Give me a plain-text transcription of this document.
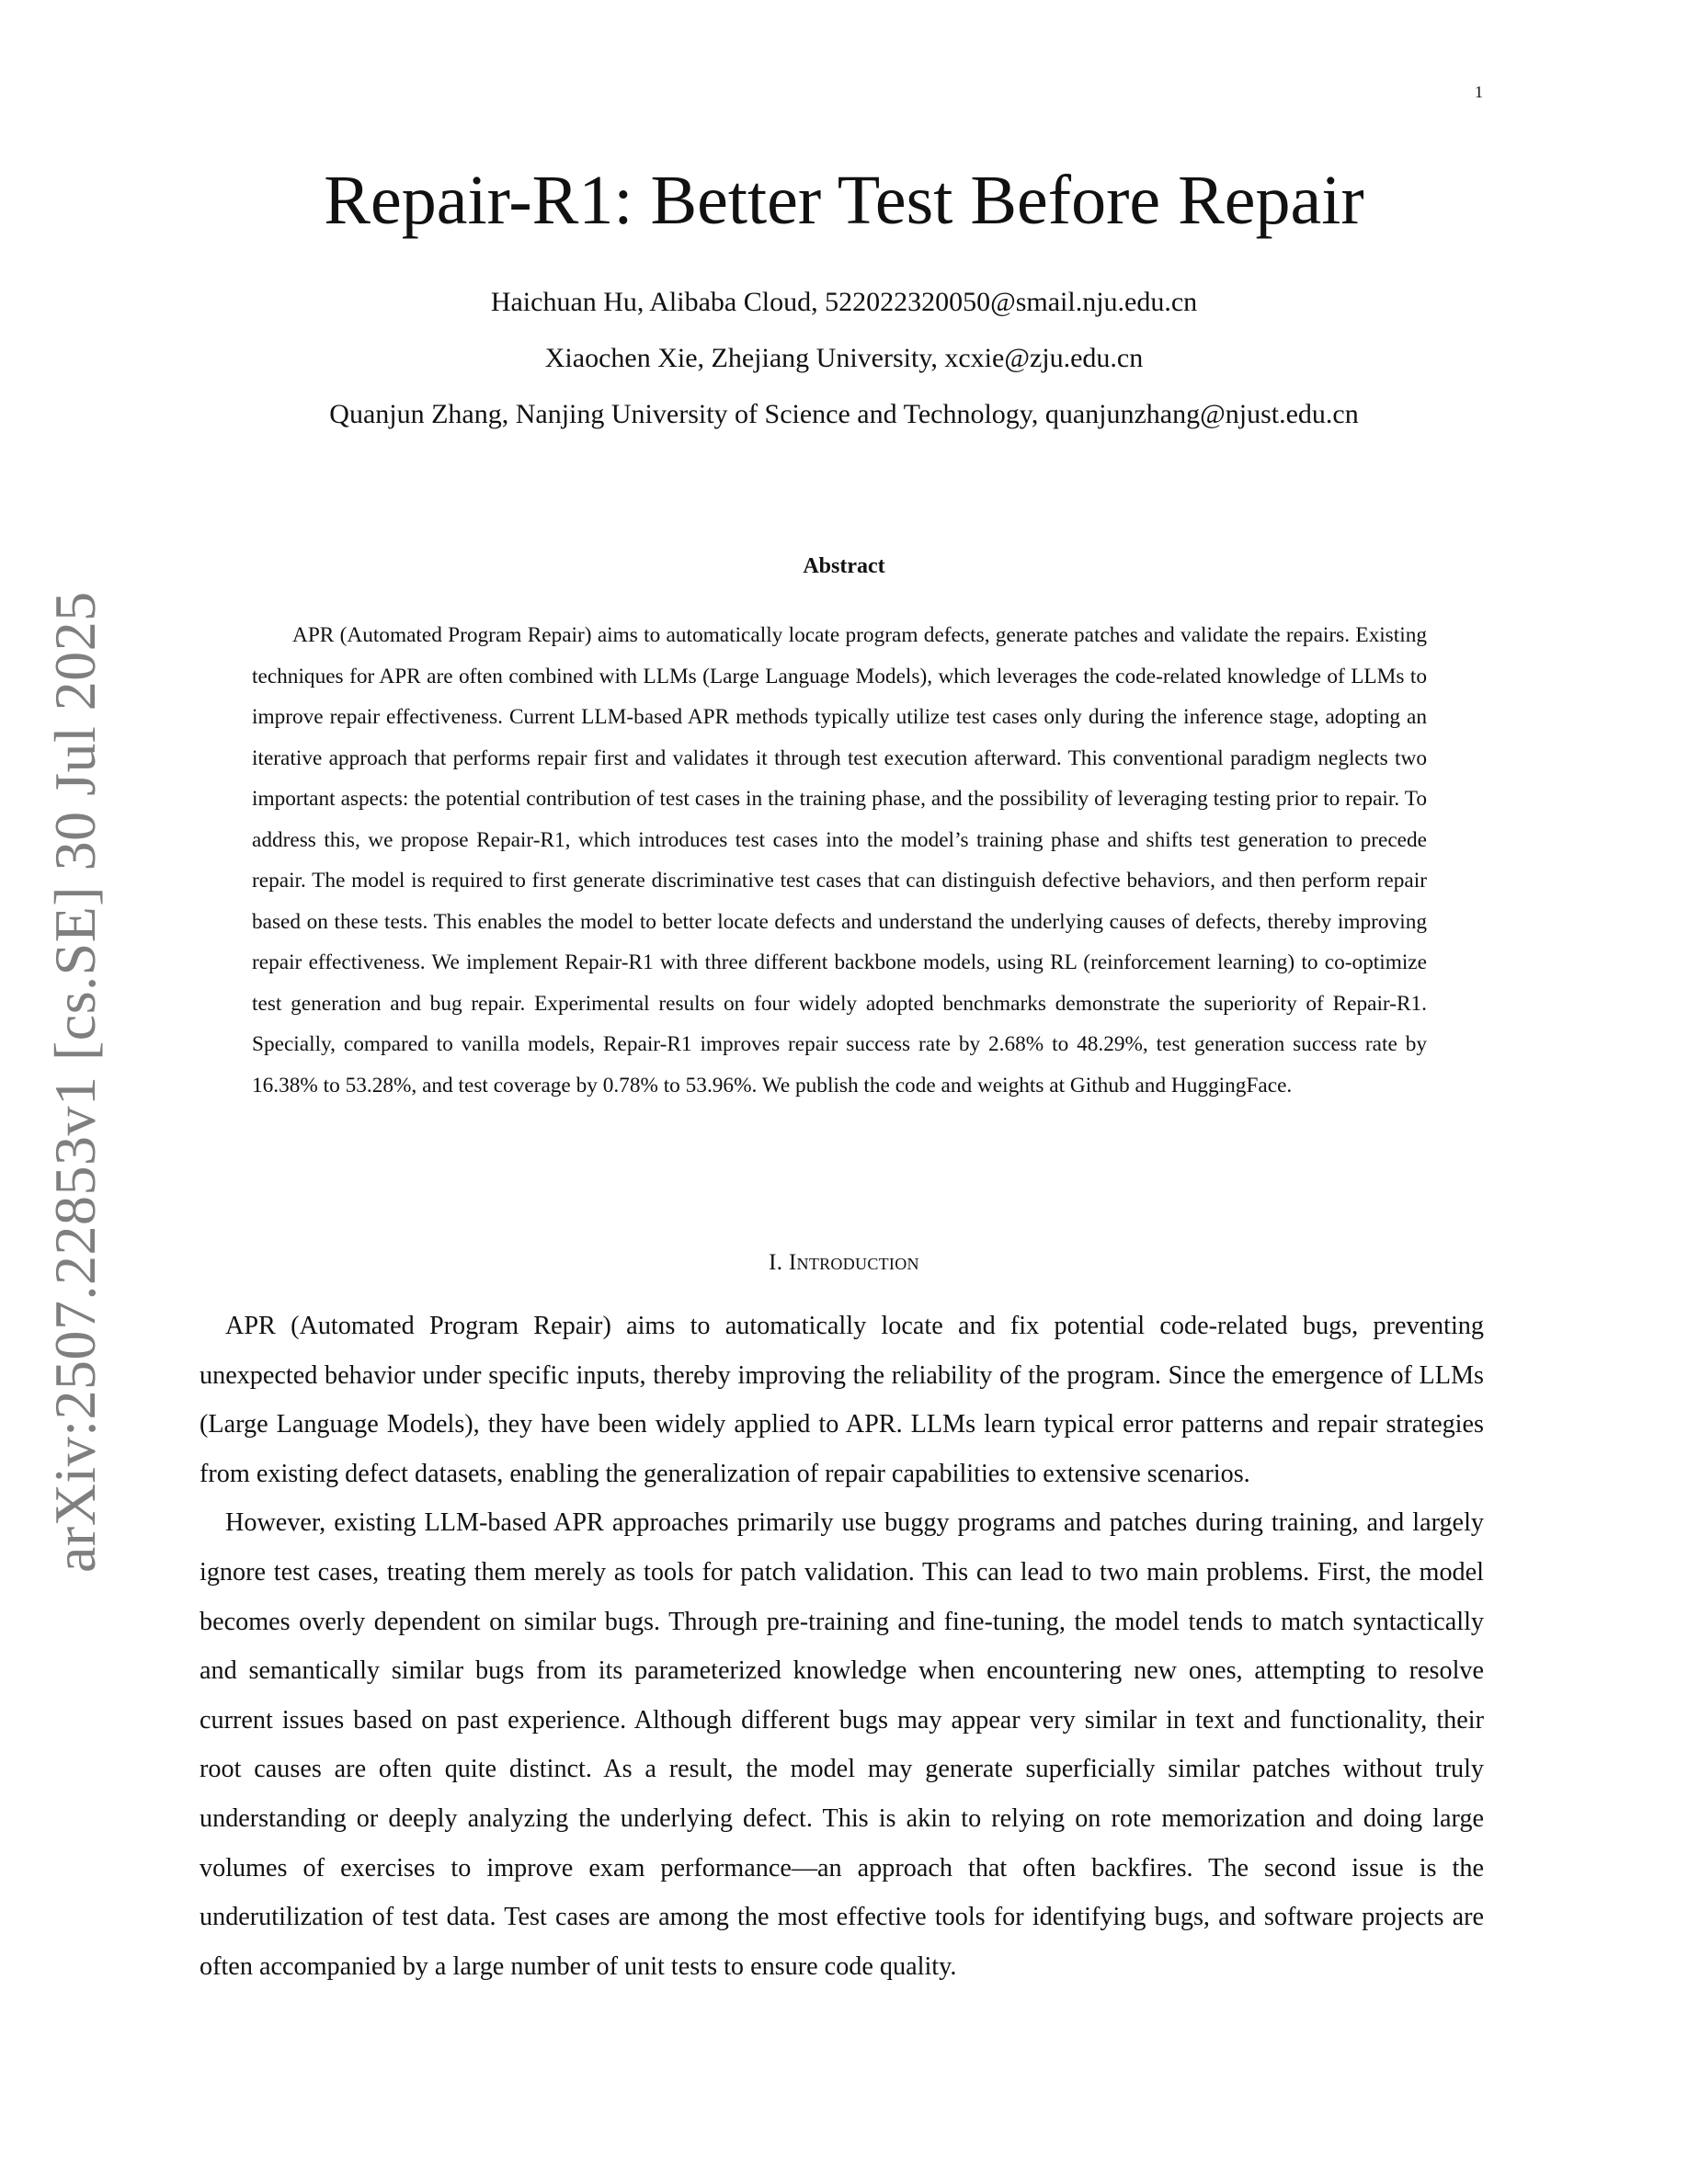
1
arXiv:2507.22853v1 [cs.SE] 30 Jul 2025
Repair-R1: Better Test Before Repair
Haichuan Hu, Alibaba Cloud, 522022320050@smail.nju.edu.cn
Xiaochen Xie, Zhejiang University, xcxie@zju.edu.cn
Quanjun Zhang, Nanjing University of Science and Technology, quanjunzhang@njust.edu.cn
Abstract

APR (Automated Program Repair) aims to automatically locate program defects, generate patches and validate the repairs. Existing techniques for APR are often combined with LLMs (Large Language Models), which leverages the code-related knowledge of LLMs to improve repair effectiveness. Current LLM-based APR methods typically utilize test cases only during the inference stage, adopting an iterative approach that performs repair first and validates it through test execution afterward. This conventional paradigm neglects two important aspects: the potential contribution of test cases in the training phase, and the possibility of leveraging testing prior to repair. To address this, we propose Repair-R1, which introduces test cases into the model’s training phase and shifts test generation to precede repair. The model is required to first generate discriminative test cases that can distinguish defective behaviors, and then perform repair based on these tests. This enables the model to better locate defects and understand the underlying causes of defects, thereby improving repair effectiveness. We implement Repair-R1 with three different backbone models, using RL (reinforcement learning) to co-optimize test generation and bug repair. Experimental results on four widely adopted benchmarks demonstrate the superiority of Repair-R1. Specially, compared to vanilla models, Repair-R1 improves repair success rate by 2.68% to 48.29%, test generation success rate by 16.38% to 53.28%, and test coverage by 0.78% to 53.96%. We publish the code and weights at Github and HuggingFace.

I. Introduction

APR (Automated Program Repair) aims to automatically locate and fix potential code-related bugs, preventing unexpected behavior under specific inputs, thereby improving the reliability of the program. Since the emergence of LLMs (Large Language Models), they have been widely applied to APR. LLMs learn typical error patterns and repair strategies from existing defect datasets, enabling the generalization of repair capabilities to extensive scenarios.

However, existing LLM-based APR approaches primarily use buggy programs and patches during training, and largely ignore test cases, treating them merely as tools for patch validation. This can lead to two main problems. First, the model becomes overly dependent on similar bugs. Through pre-training and fine-tuning, the model tends to match syntactically and semantically similar bugs from its parameterized knowledge when encountering new ones, attempting to resolve current issues based on past experience. Although different bugs may appear very similar in text and functionality, their root causes are often quite distinct. As a result, the model may generate superficially similar patches without truly understanding or deeply analyzing the underlying defect. This is akin to relying on rote memorization and doing large volumes of exercises to improve exam performance—an approach that often backfires. The second issue is the underutilization of test data. Test cases are among the most effective tools for identifying bugs, and software projects are often accompanied by a large number of unit tests to ensure code quality.
